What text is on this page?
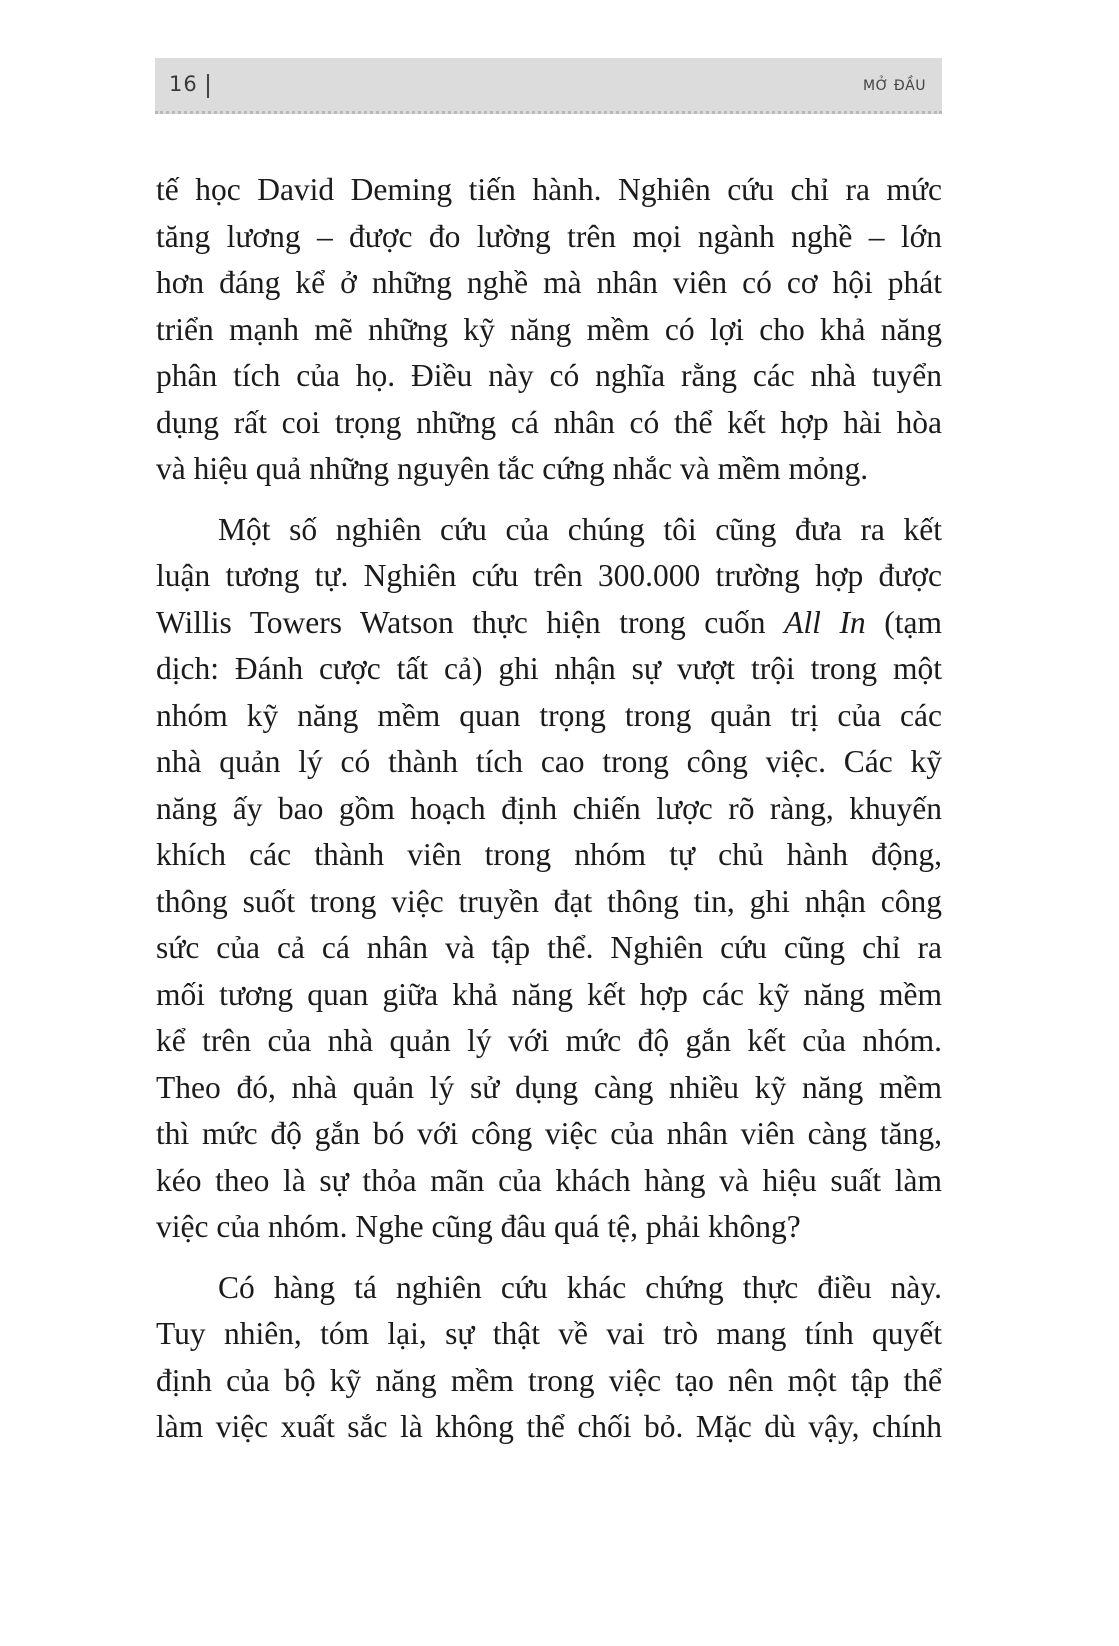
16	MỞ ĐẦU

tế học David Deming tiến hành. Nghiên cứu chỉ ra mức
tăng lương – được đo lường trên mọi ngành nghề – lớn
hơn đáng kể ở những nghề mà nhân viên có cơ hội phát
triển mạnh mẽ những kỹ năng mềm có lợi cho khả năng
phân tích của họ. Điều này có nghĩa rằng các nhà tuyển
dụng rất coi trọng những cá nhân có thể kết hợp hài hòa
và hiệu quả những nguyên tắc cứng nhắc và mềm mỏng.

Một số nghiên cứu của chúng tôi cũng đưa ra kết
luận tương tự. Nghiên cứu trên 300.000 trường hợp được
Willis Towers Watson thực hiện trong cuốn All In (tạm
dịch: Đánh cược tất cả) ghi nhận sự vượt trội trong một
nhóm kỹ năng mềm quan trọng trong quản trị của các
nhà quản lý có thành tích cao trong công việc. Các kỹ
năng ấy bao gồm hoạch định chiến lược rõ ràng, khuyến
khích các thành viên trong nhóm tự chủ hành động,
thông suốt trong việc truyền đạt thông tin, ghi nhận công
sức của cả cá nhân và tập thể. Nghiên cứu cũng chỉ ra
mối tương quan giữa khả năng kết hợp các kỹ năng mềm
kể trên của nhà quản lý với mức độ gắn kết của nhóm.
Theo đó, nhà quản lý sử dụng càng nhiều kỹ năng mềm
thì mức độ gắn bó với công việc của nhân viên càng tăng,
kéo theo là sự thỏa mãn của khách hàng và hiệu suất làm
việc của nhóm. Nghe cũng đâu quá tệ, phải không?

Có hàng tá nghiên cứu khác chứng thực điều này.
Tuy nhiên, tóm lại, sự thật về vai trò mang tính quyết
định của bộ kỹ năng mềm trong việc tạo nên một tập thể
làm việc xuất sắc là không thể chối bỏ. Mặc dù vậy, chính
